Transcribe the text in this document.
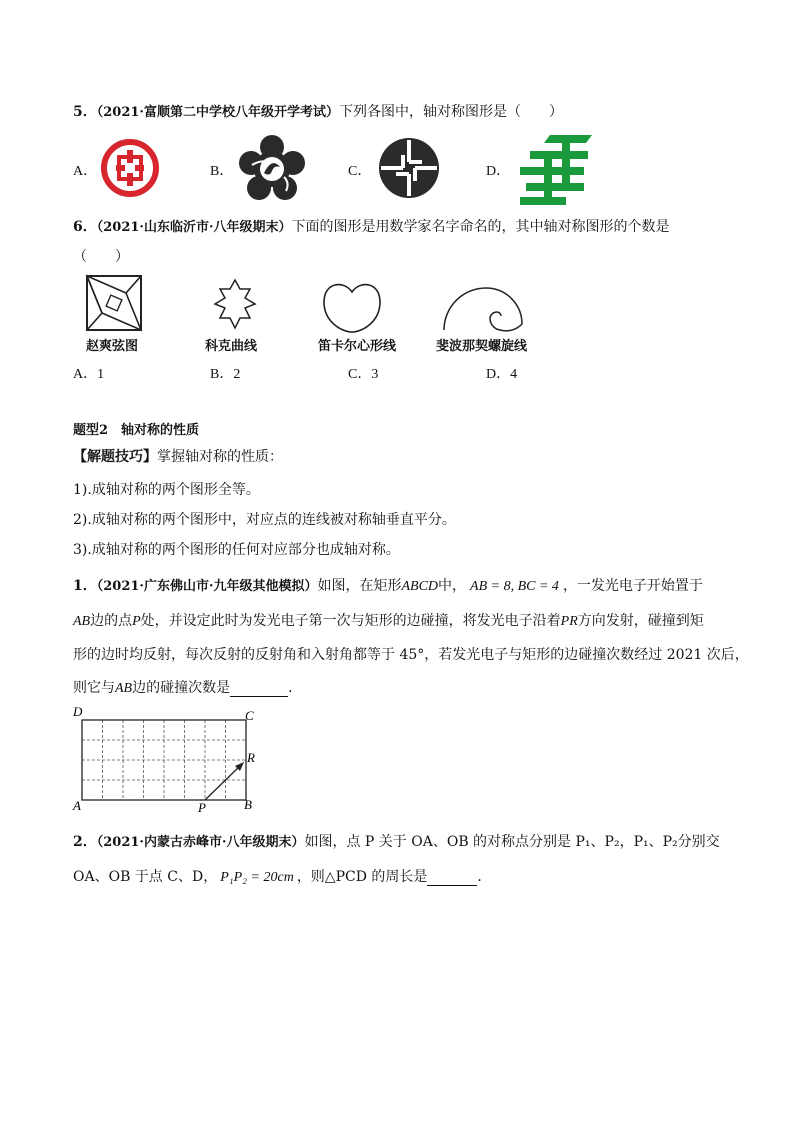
5．（2021·富顺第二中学校八年级开学考试）下列各图中，轴对称图形是（　　）
A．	B．	C．	D．
6．（2021·山东临沂市·八年级期末）下面的图形是用数学家名字命名的，其中轴对称图形的个数是
（　　）
赵爽弦图	科克曲线	笛卡尔心形线	斐波那契螺旋线
A．1	B．2	C．3	D．4
题型2　轴对称的性质
【解题技巧】掌握轴对称的性质：
1).成轴对称的两个图形全等。
2).成轴对称的两个图形中，对应点的连线被对称轴垂直平分。
3).成轴对称的两个图形的任何对应部分也成轴对称。
1．（2021·广东佛山市·九年级其他模拟）如图，在矩形ABCD中， AB = 8, BC = 4 ，一发光电子开始置于
AB边的点P处，并设定此时为发光电子第一次与矩形的边碰撞，将发光电子沿着PR方向发射，碰撞到矩
形的边时均反射，每次反射的反射角和入射角都等于 45°，若发光电子与矩形的边碰撞次数经过 2021 次后，
则它与AB边的碰撞次数是	．
D	C
R
A	P	B
2．（2021·内蒙古赤峰市·八年级期末）如图，点 P 关于 OA、OB 的对称点分别是 P₁、P₂，P₁、P₂分别交
OA、OB 于点 C、D， P₁P₂ = 20cm ，则△PCD 的周长是	．
